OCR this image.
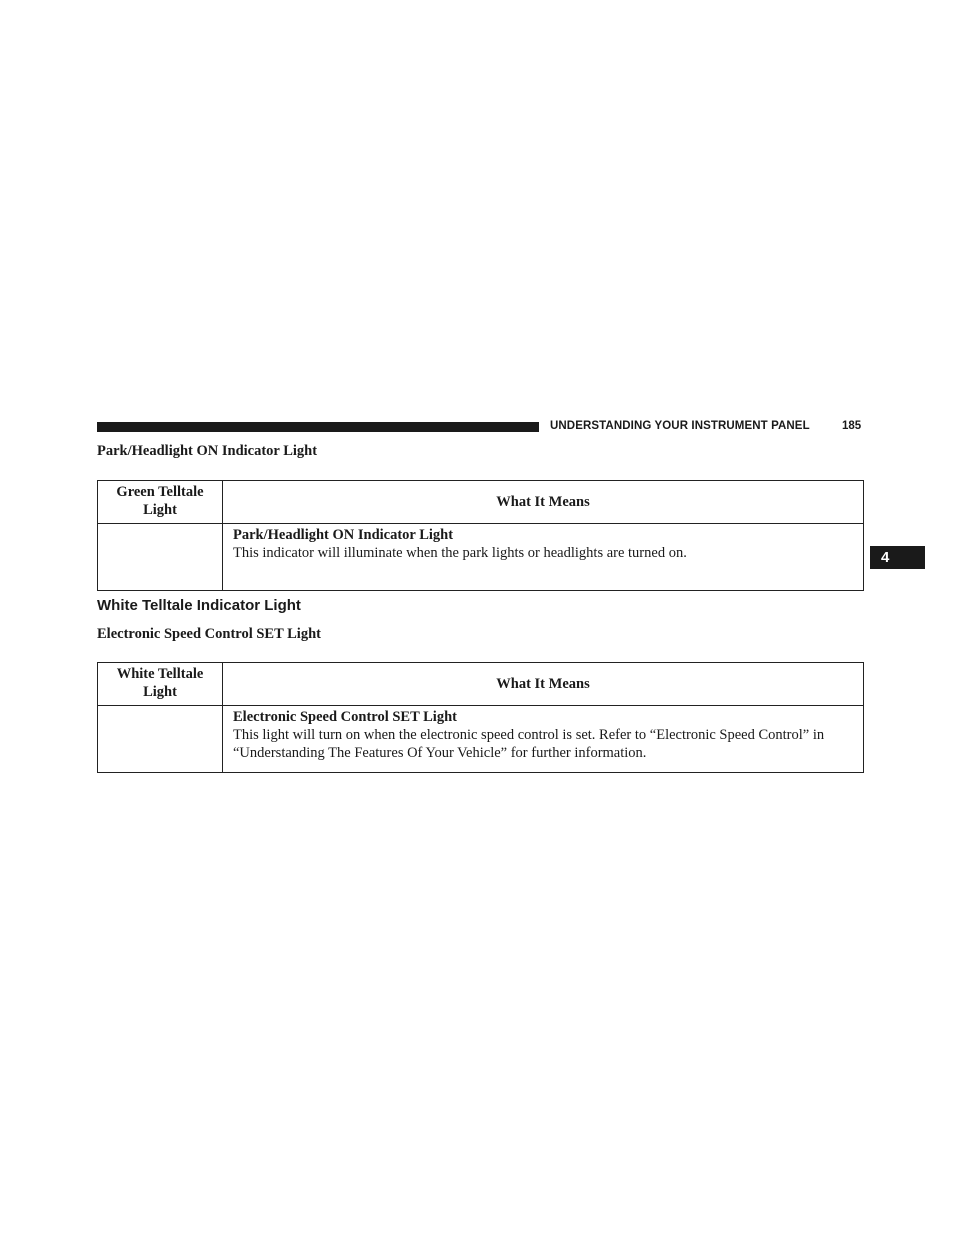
UNDERSTANDING YOUR INSTRUMENT PANEL	185
4
Park/Headlight ON Indicator Light
Green Telltale Light	What It Means

	Park/Headlight ON Indicator Light
This indicator will illuminate when the park lights or headlights are turned on.
White Telltale Indicator Light
Electronic Speed Control SET Light
White Telltale Light	What It Means

	Electronic Speed Control SET Light
This light will turn on when the electronic speed control is set. Refer to “Electronic Speed Control” in “Understanding The Features Of Your Vehicle” for further information.
